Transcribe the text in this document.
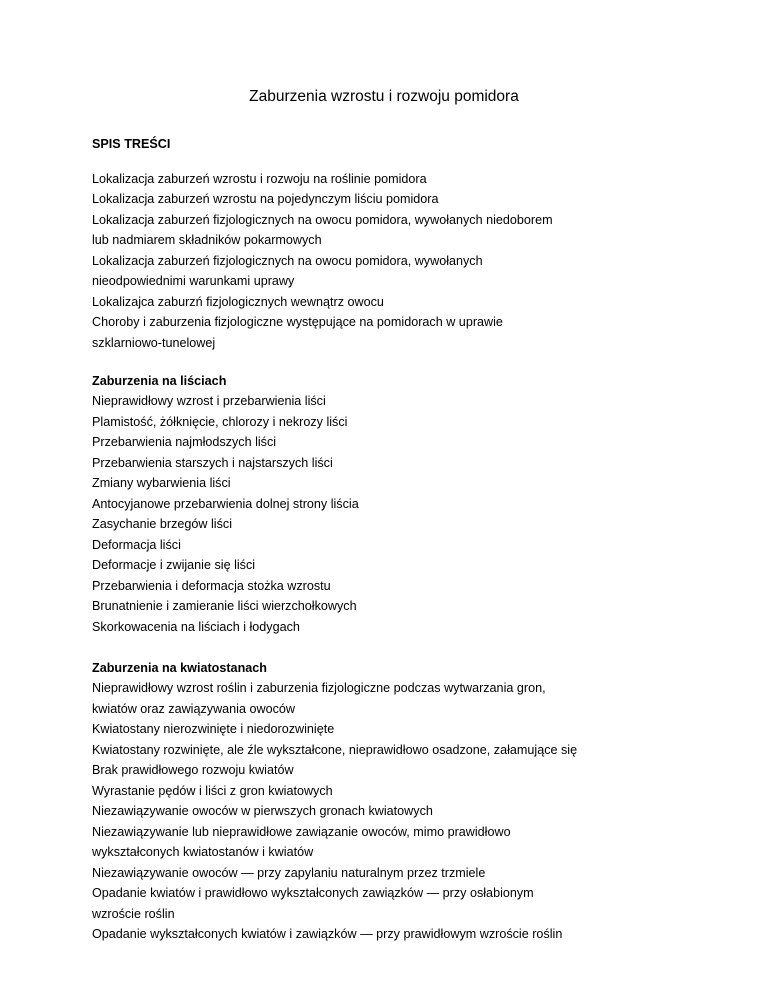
Zaburzenia wzrostu i rozwoju pomidora

SPIS TREŚCI

Lokalizacja zaburzeń wzrostu i rozwoju na roślinie pomidora

Lokalizacja zaburzeń wzrostu na pojedynczym liściu pomidora

Lokalizacja zaburzeń fizjologicznych na owocu pomidora, wywołanych niedoborem

lub nadmiarem składników pokarmowych

Lokalizacja zaburzeń fizjologicznych na owocu pomidora, wywołanych

nieodpowiednimi warunkami uprawy

Lokalizajca zaburzń fizjologicznych wewnątrz owocu

Choroby i zaburzenia fizjologiczne występujące na pomidorach w uprawie

szklarniowo-tunelowej

Zaburzenia na liściach

Nieprawidłowy wzrost i przebarwienia liści

Plamistość, żółknięcie, chlorozy i nekrozy liści

Przebarwienia najmłodszych liści

Przebarwienia starszych i najstarszych liści

Zmiany wybarwienia liści

Antocyjanowe przebarwienia dolnej strony liścia

Zasychanie brzegów liści

Deformacja liści

Deformacje i zwijanie się liści

Przebarwienia i deformacja stożka wzrostu

Brunatnienie i zamieranie liści wierzchołkowych

Skorkowacenia na liściach i łodygach

Zaburzenia na kwiatostanach

Nieprawidłowy wzrost roślin i zaburzenia fizjologiczne podczas wytwarzania gron,

kwiatów oraz zawiązywania owoców

Kwiatostany nierozwinięte i niedorozwinięte

Kwiatostany rozwinięte, ale źle wykształcone, nieprawidłowo osadzone, załamujące się

Brak prawidłowego rozwoju kwiatów

Wyrastanie pędów i liści z gron kwiatowych

Niezawiązywanie owoców w pierwszych gronach kwiatowych

Niezawiązywanie lub nieprawidłowe zawiązanie owoców, mimo prawidłowo

wykształconych kwiatostanów i kwiatów

Niezawiązywanie owoców — przy zapylaniu naturalnym przez trzmiele

Opadanie kwiatów i prawidłowo wykształconych zawiązków — przy osłabionym

wzroście roślin

Opadanie wykształconych kwiatów i zawiązków — przy prawidłowym wzroście roślin
